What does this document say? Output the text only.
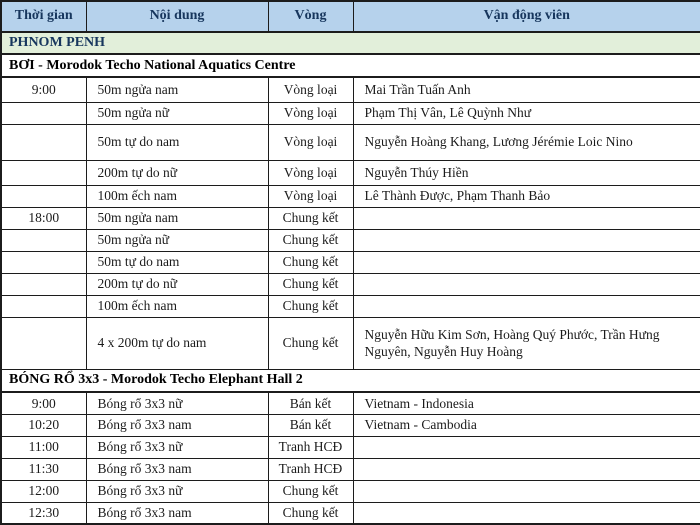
Thời gian	Nội dung	Vòng	Vận động viên
PHNOM PENH			
BƠI - Morodok Techo National Aquatics Centre			
9:00	50m ngửa nam	Vòng loại	Mai Trần Tuấn Anh
	50m ngửa nữ	Vòng loại	Phạm Thị Vân, Lê Quỳnh Như
	50m tự do nam	Vòng loại	Nguyễn Hoàng Khang, Lương Jérémie Loic Nino
	200m tự do nữ	Vòng loại	Nguyễn Thúy Hiền
	100m ếch nam	Vòng loại	Lê Thành Được, Phạm Thanh Bảo
18:00	50m ngửa nam	Chung kết	
	50m ngửa nữ	Chung kết	
	50m tự do nam	Chung kết	
	200m tự do nữ	Chung kết	
	100m ếch nam	Chung kết	
	4 x 200m tự do nam	Chung kết	Nguyễn Hữu Kim Sơn, Hoàng Quý Phước, Trần Hưng Nguyên, Nguyễn Huy Hoàng
BÓNG RỔ 3x3 - Morodok Techo Elephant Hall 2			
9:00	Bóng rổ 3x3 nữ	Bán kết	Vietnam - Indonesia
10:20	Bóng rổ 3x3 nam	Bán kết	Vietnam - Cambodia
11:00	Bóng rổ 3x3 nữ	Tranh HCĐ	
11:30	Bóng rổ 3x3 nam	Tranh HCĐ	
12:00	Bóng rổ 3x3 nữ	Chung kết	
12:30	Bóng rổ 3x3 nam	Chung kết	
